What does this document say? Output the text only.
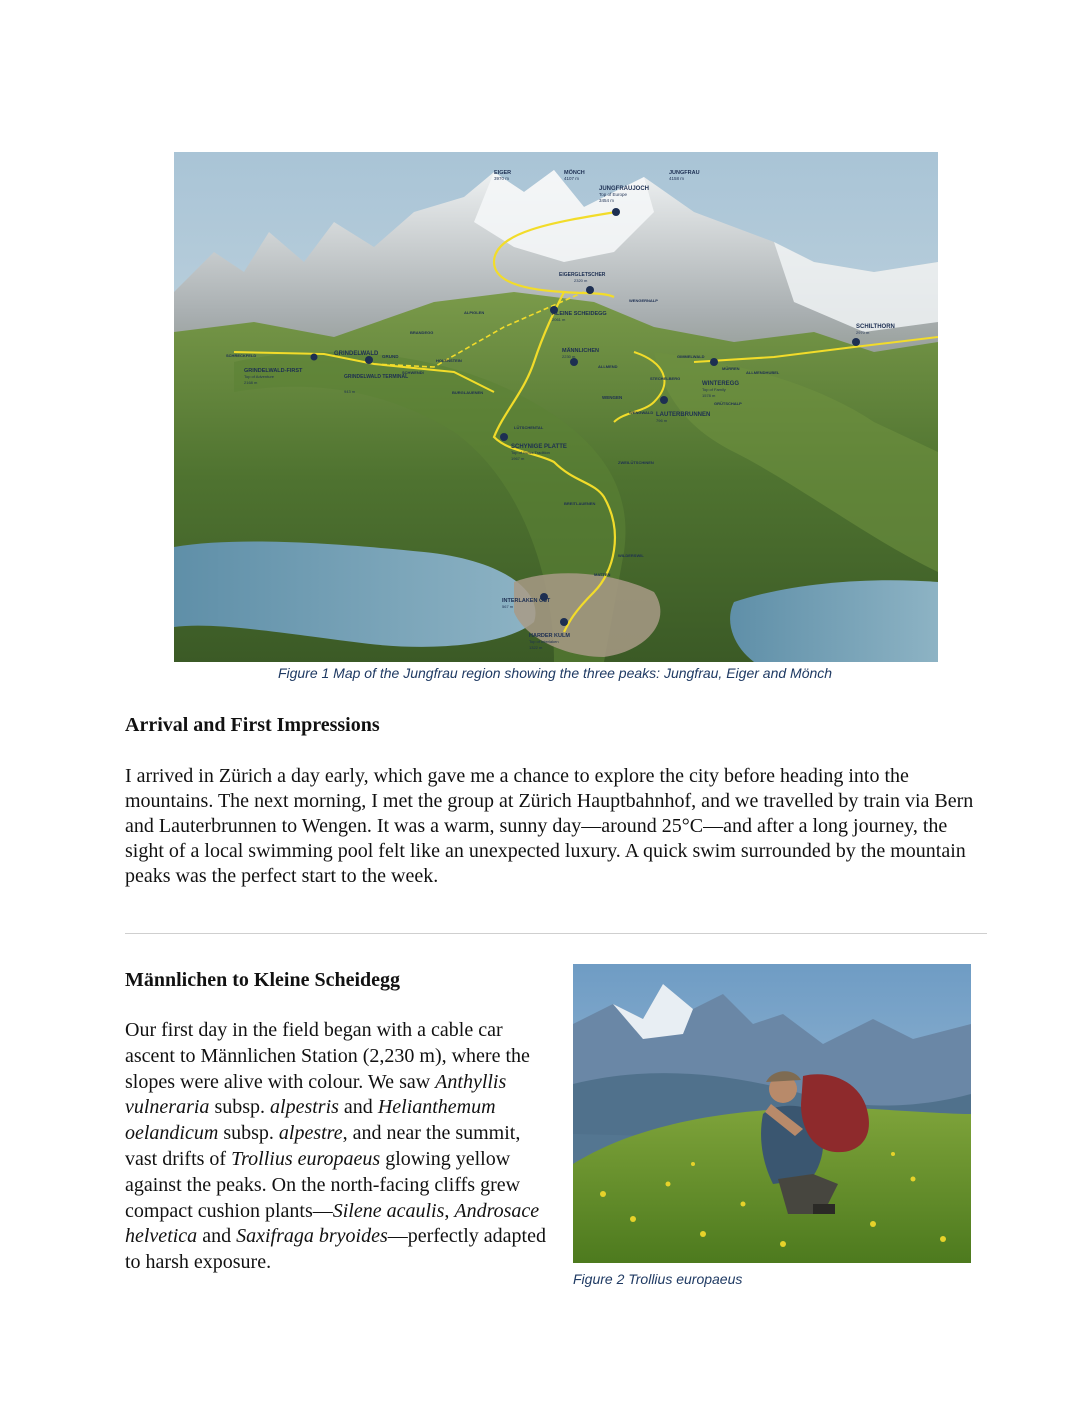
EIGER
3970 m
MÖNCH
4107 m
JUNGFRAU
4158 m
JUNGFRAUJOCH
Top of Europe
3454 m
EIGERGLETSCHER
2320 m
KLEINE SCHEIDEGG
2061 m
MÄNNLICHEN
2230 m
GRINDELWALD
GRINDELWALD-FIRST
Top of Adventure
2168 m
GRINDELWALD TERMINAL
943 m
GRUND
SCHILTHORN
2970 m
WINTEREGG
Top of Family
1578 m
LAUTERBRUNNEN
796 m
WENGEN
SCHYNIGE PLATTE
Top of Swiss Tradition
1967 m
INTERLAKEN OST
567 m
HARDER KULM
Top of Interlaken
1322 m
WENGERNALP
ALPIGLEN
BRANDEGG
HOLENSTEIN
BURGLAUENEN
LÜTSCHENTAL
ZWEILÜTSCHINEN
WILDERSWIL
MATTEN
BREITLAUENEN
ALLMEND
STECHELBERG
GRÜTSCHALP
MÜRREN
SCHRECKFELD	GIMMELWALD
ALLMENDHUBEL
WENGWALD
SCHWENDI
Figure 1 Map of the Jungfrau region showing the three peaks: Jungfrau, Eiger and Mönch
Arrival and First Impressions

I arrived in Zürich a day early, which gave me a chance to explore the city before heading into the mountains. The next morning, I met the group at Zürich Hauptbahnhof, and we travelled by train via Bern and Lauterbrunnen to Wengen. It was a warm, sunny day—around 25°C—and after a long journey, the sight of a local swimming pool felt like an unexpected luxury. A quick swim surrounded by the mountain peaks was the perfect start to the week.

Männlichen to Kleine Scheidegg

Our first day in the field began with a cable car ascent to Männlichen Station (2,230 m), where the slopes were alive with colour. We saw Anthyllis vulneraria subsp. alpestris and Helianthemum oelandicum subsp. alpestre, and near the summit, vast drifts of Trollius europaeus glowing yellow against the peaks. On the north-facing cliffs grew compact cushion plants—Silene acaulis, Androsace helvetica and Saxifraga bryoides—perfectly adapted to harsh exposure.

Figure 2 Trollius europaeus
